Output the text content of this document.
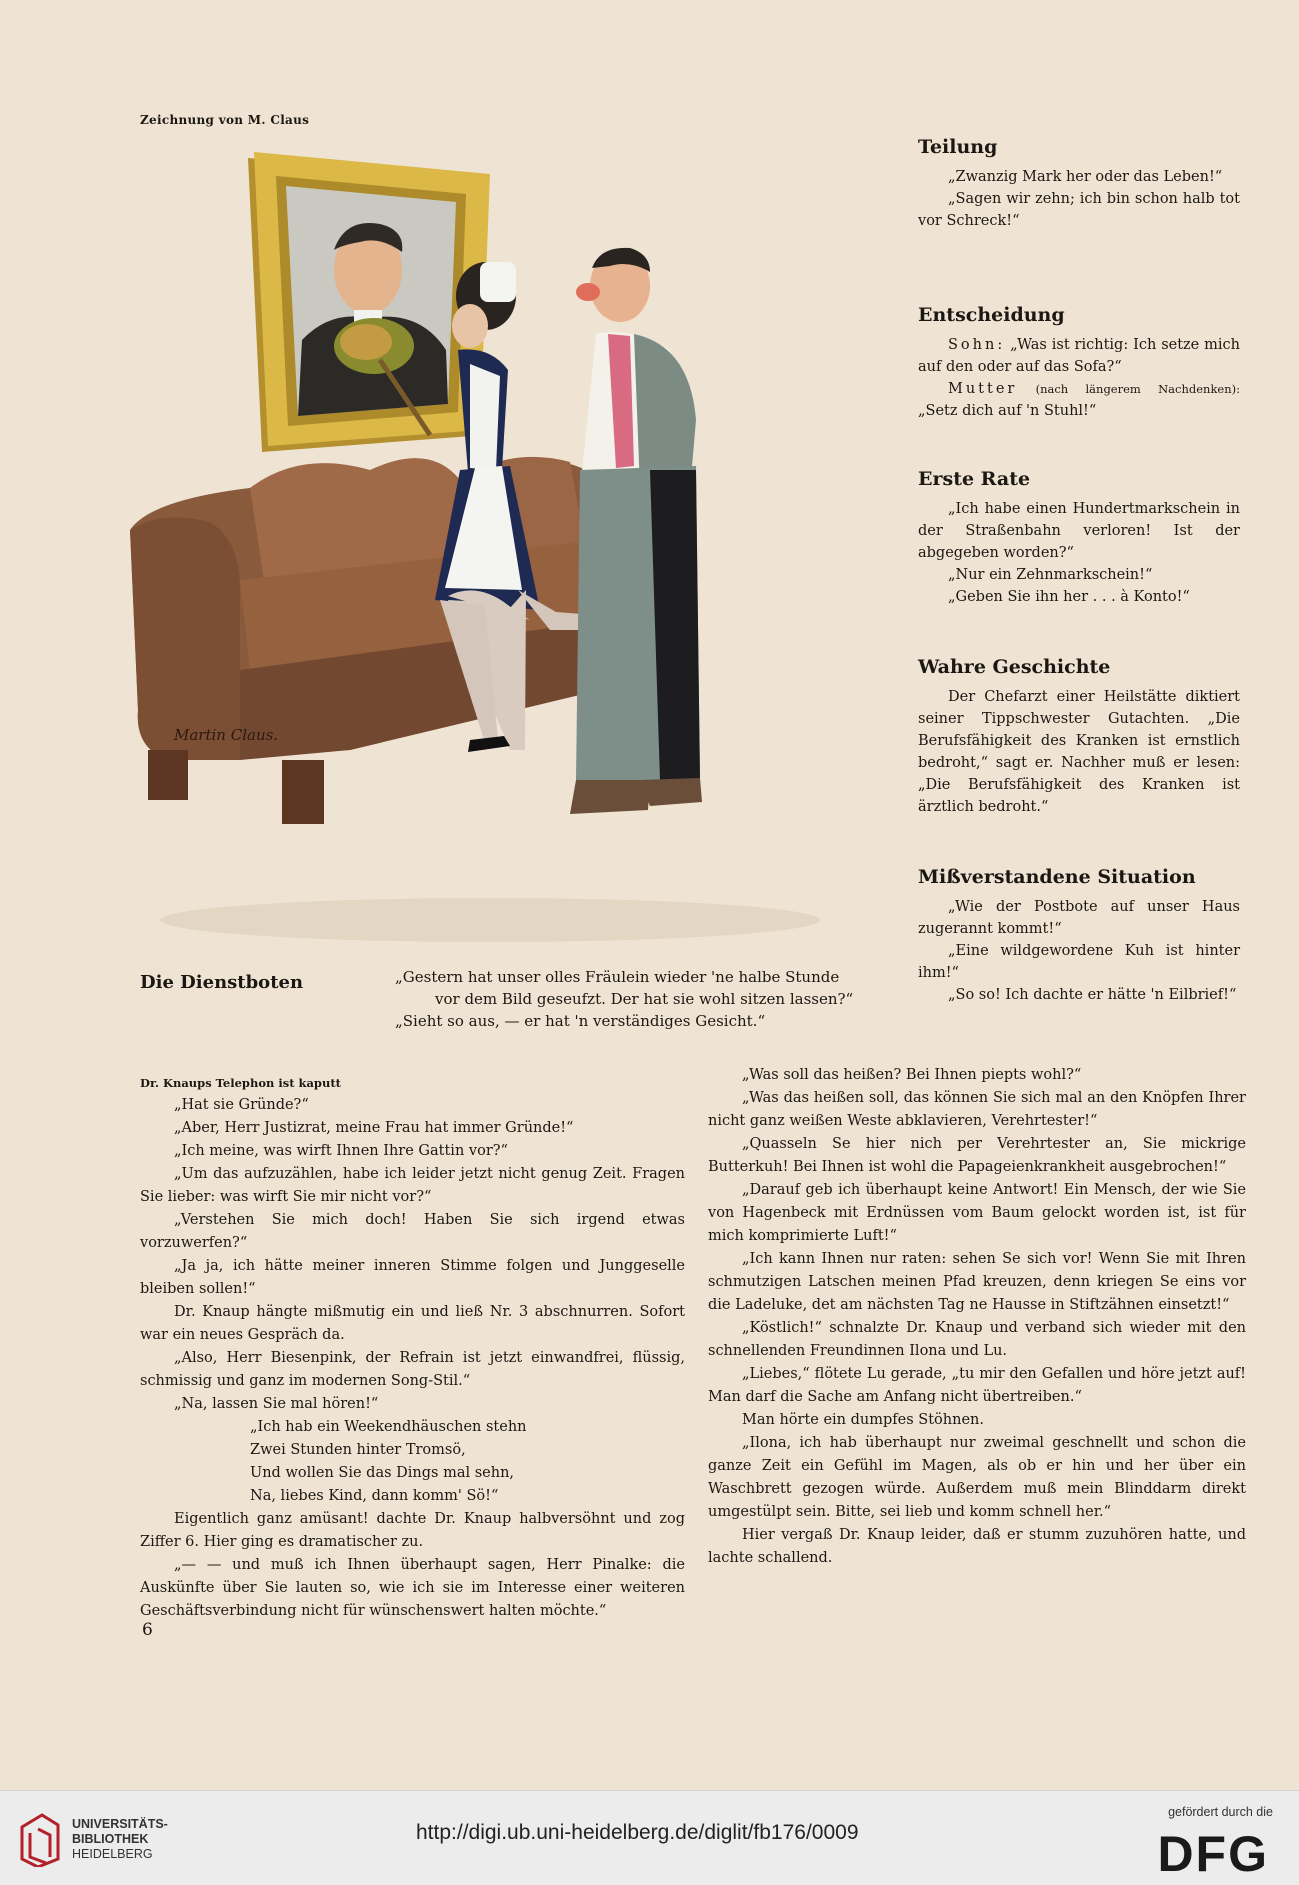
Zeichnung von M. Claus
Martin Claus.
Die Dienstboten	„Gestern hat unser olles Fräulein wieder 'ne halbe Stunde

vor dem Bild geseufzt. Der hat sie wohl sitzen lassen?“

„Sieht so aus, — er hat 'n verständiges Gesicht.“

Teilung

„Zwanzig Mark her oder das Leben!“

„Sagen wir zehn; ich bin schon halb tot vor Schreck!“

Entscheidung

Sohn: „Was ist richtig: Ich setze mich auf den oder auf das Sofa?“

Mutter (nach längerem Nachdenken): „Setz dich auf 'n Stuhl!“

Erste Rate

„Ich habe einen Hundertmarkschein in der Straßenbahn verloren! Ist der abgegeben worden?“

„Nur ein Zehnmarkschein!“

„Geben Sie ihn her . . . à Konto!“

Wahre Geschichte

Der Chefarzt einer Heilstätte diktiert seiner Tippschwester Gutachten. „Die Berufsfähigkeit des Kranken ist ernstlich bedroht,“ sagt er. Nachher muß er lesen: „Die Berufsfähigkeit des Kranken ist ärztlich bedroht.“

Mißverstandene Situation

„Wie der Postbote auf unser Haus zugerannt kommt!“

„Eine wildgewordene Kuh ist hinter ihm!“

„So so! Ich dachte er hätte 'n Eilbrief!“

Dr. Knaups Telephon ist kaputt

„Hat sie Gründe?“

„Aber, Herr Justizrat, meine Frau hat immer Gründe!“

„Ich meine, was wirft Ihnen Ihre Gattin vor?“

„Um das aufzuzählen, habe ich leider jetzt nicht genug Zeit. Fragen Sie lieber: was wirft Sie mir nicht vor?“

„Verstehen Sie mich doch! Haben Sie sich irgend etwas vorzuwerfen?“

„Ja ja, ich hätte meiner inneren Stimme folgen und Junggeselle bleiben sollen!“

Dr. Knaup hängte mißmutig ein und ließ Nr. 3 abschnurren. Sofort war ein neues Gespräch da.

„Also, Herr Biesenpink, der Refrain ist jetzt einwandfrei, flüssig, schmissig und ganz im modernen Song-Stil.“

„Na, lassen Sie mal hören!“

„Ich hab ein Weekendhäuschen stehn

Zwei Stunden hinter Tromsö,

Und wollen Sie das Dings mal sehn,

Na, liebes Kind, dann komm' Sö!“

Eigentlich ganz amüsant! dachte Dr. Knaup halbversöhnt und zog Ziffer 6. Hier ging es dramatischer zu.

„— — und muß ich Ihnen überhaupt sagen, Herr Pinalke: die Auskünfte über Sie lauten so, wie ich sie im Interesse einer weiteren Geschäftsverbindung nicht für wünschenswert halten möchte.“

„Was soll das heißen? Bei Ihnen piepts wohl?“

„Was das heißen soll, das können Sie sich mal an den Knöpfen Ihrer nicht ganz weißen Weste abklavieren, Verehrtester!“

„Quasseln Se hier nich per Verehrtester an, Sie mickrige Butterkuh! Bei Ihnen ist wohl die Papageienkrankheit ausgebrochen!“

„Darauf geb ich überhaupt keine Antwort! Ein Mensch, der wie Sie von Hagenbeck mit Erdnüssen vom Baum gelockt worden ist, ist für mich komprimierte Luft!“

„Ich kann Ihnen nur raten: sehen Se sich vor! Wenn Sie mit Ihren schmutzigen Latschen meinen Pfad kreuzen, denn kriegen Se eins vor die Ladeluke, det am nächsten Tag ne Hausse in Stiftzähnen einsetzt!“

„Köstlich!“ schnalzte Dr. Knaup und verband sich wieder mit den schnellenden Freundinnen Ilona und Lu.

„Liebes,“ flötete Lu gerade, „tu mir den Gefallen und höre jetzt auf! Man darf die Sache am Anfang nicht übertreiben.“

Man hörte ein dumpfes Stöhnen.

„Ilona, ich hab überhaupt nur zweimal geschnellt und schon die ganze Zeit ein Gefühl im Magen, als ob er hin und her über ein Waschbrett gezogen würde. Außerdem muß mein Blinddarm direkt umgestülpt sein. Bitte, sei lieb und komm schnell her.“

Hier vergaß Dr. Knaup leider, daß er stumm zuzuhören hatte, und lachte schallend.

6
UNIVERSITÄTS-
BIBLIOTHEK
HEIDELBERG
http://digi.ub.uni-heidelberg.de/diglit/fb176/0009
gefördert durch die
DFG
